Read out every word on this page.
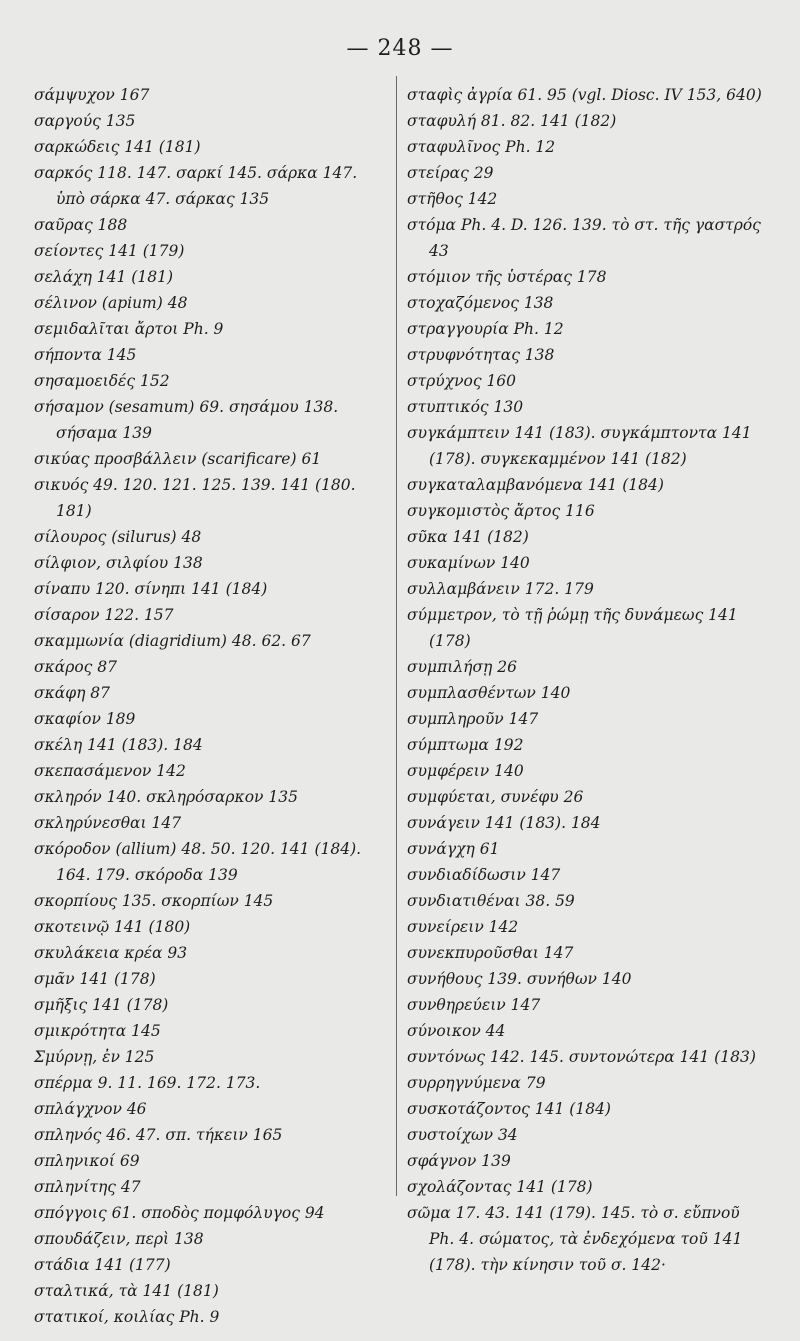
— 248 —
σάμψυχον 167
σαργούς 135
σαρκώδεις 141 (181)
σαρκός 118. 147. σαρκί 145. σάρκα 147. ὑπὸ σάρκα 47. σάρκας 135
σαῦρας 188
σείοντες 141 (179)
σελάχη 141 (181)
σέλινον (apium) 48
σεμιδαλῖται ἄρτοι Ph. 9
σήποντα 145
σησαμοειδές 152
σήσαμον (sesamum) 69. σησάμου 138. σήσαμα 139
σικύας προσβάλλειν (scarificare) 61
σικυός 49. 120. 121. 125. 139. 141 (180. 181)
σίλουρος (silurus) 48
σίλφιον, σιλφίου 138
σίναπυ 120. σίνηπι 141 (184)
σίσαρον 122. 157
σκαμμωνία (diagridium) 48. 62. 67
σκάρος 87
σκάφη 87
σκαφίον 189
σκέλη 141 (183). 184
σκεπασάμενον 142
σκληρόν 140. σκληρόσαρκον 135
σκληρύνεσθαι 147
σκόροδον (allium) 48. 50. 120. 141 (184). 164. 179. σκόροδα 139
σκορπίους 135. σκορπίων 145
σκοτεινῷ 141 (180)
σκυλάκεια κρέα 93
σμᾶν 141 (178)
σμῆξις 141 (178)
σμικρότητα 145
Σμύρνῃ, ἐν 125
σπέρμα 9. 11. 169. 172. 173.
σπλάγχνον 46
σπληνός 46. 47. σπ. τήκειν 165
σπληνικοί 69
σπληνίτης 47
σπόγγοις 61. σποδὸς πομφόλυγος 94
σπουδάζειν, περὶ 138
στάδια 141 (177)
σταλτικά, τὰ 141 (181)
στατικοί, κοιλίας Ph. 9
σταφὶς ἀγρία 61. 95 (vgl. Diosc. IV 153, 640)
σταφυλή 81. 82. 141 (182)
σταφυλῖνος Ph. 12
στείρας 29
στῆθος 142
στόμα Ph. 4. D. 126. 139. τὸ στ. τῆς γαστρός 43
στόμιον τῆς ὑστέρας 178
στοχαζόμενος 138
στραγγουρία Ph. 12
στρυφνότητας 138
στρύχνος 160
στυπτικός 130
συγκάμπτειν 141 (183). συγκάμπτοντα 141 (178). συγκεκαμμένον 141 (182)
συγκαταλαμβανόμενα 141 (184)
συγκομιστὸς ἄρτος 116
σῦκα 141 (182)
συκαμίνων 140
συλλαμβάνειν 172. 179
σύμμετρον, τὸ τῇ ῥώμῃ τῆς δυνάμεως 141 (178)
συμπιλήσῃ 26
συμπλασθέντων 140
συμπληροῦν 147
σύμπτωμα 192
συμφέρειν 140
συμφύεται, συνέφυ 26
συνάγειν 141 (183). 184
συνάγχη 61
συνδιαδίδωσιν 147
συνδιατιθέναι 38. 59
συνείρειν 142
συνεκπυροῦσθαι 147
συνήθους 139. συνήθων 140
συνθηρεύειν 147
σύνοικον 44
συντόνως 142. 145. συντονώτερα 141 (183)
συρρηγνύμενα 79
συσκοτάζοντος 141 (184)
συστοίχων 34
σφάγνον 139
σχολάζοντας 141 (178)
σῶμα 17. 43. 141 (179). 145. τὸ σ. εὔπνοῦ Ph. 4. σώματος, τὰ ἐνδεχόμενα τοῦ 141 (178). τὴν κίνησιν τοῦ σ. 142·
